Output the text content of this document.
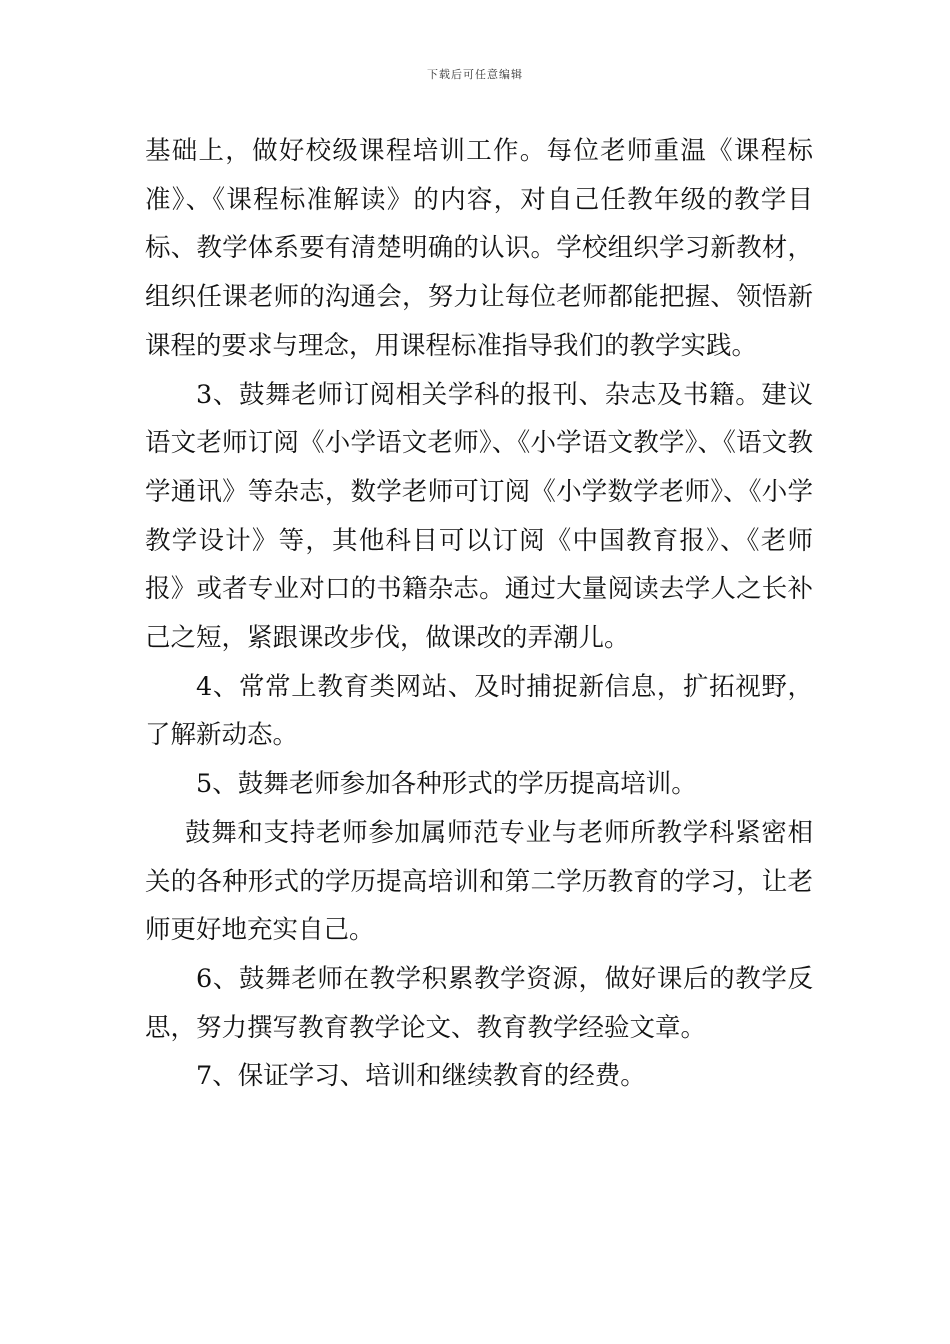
下载后可任意编辑

基础上，做好校级课程培训工作。每位老师重温《课程标准》、《课程标准解读》的内容，对自己任教年级的教学目标、教学体系要有清楚明确的认识。学校组织学习新教材，组织任课老师的沟通会，努力让每位老师都能把握、领悟新课程的要求与理念，用课程标准指导我们的教学实践。

3、鼓舞老师订阅相关学科的报刊、杂志及书籍。建议语文老师订阅《小学语文老师》、《小学语文教学》、《语文教学通讯》等杂志，数学老师可订阅《小学数学老师》、《小学教学设计》等，其他科目可以订阅《中国教育报》、《老师报》或者专业对口的书籍杂志。通过大量阅读去学人之长补己之短，紧跟课改步伐，做课改的弄潮儿。

4、常常上教育类网站、及时捕捉新信息，扩拓视野，了解新动态。

5、鼓舞老师参加各种形式的学历提高培训。

鼓舞和支持老师参加属师范专业与老师所教学科紧密相关的各种形式的学历提高培训和第二学历教育的学习，让老师更好地充实自己。

6、鼓舞老师在教学积累教学资源，做好课后的教学反思，努力撰写教育教学论文、教育教学经验文章。

7、保证学习、培训和继续教育的经费。
